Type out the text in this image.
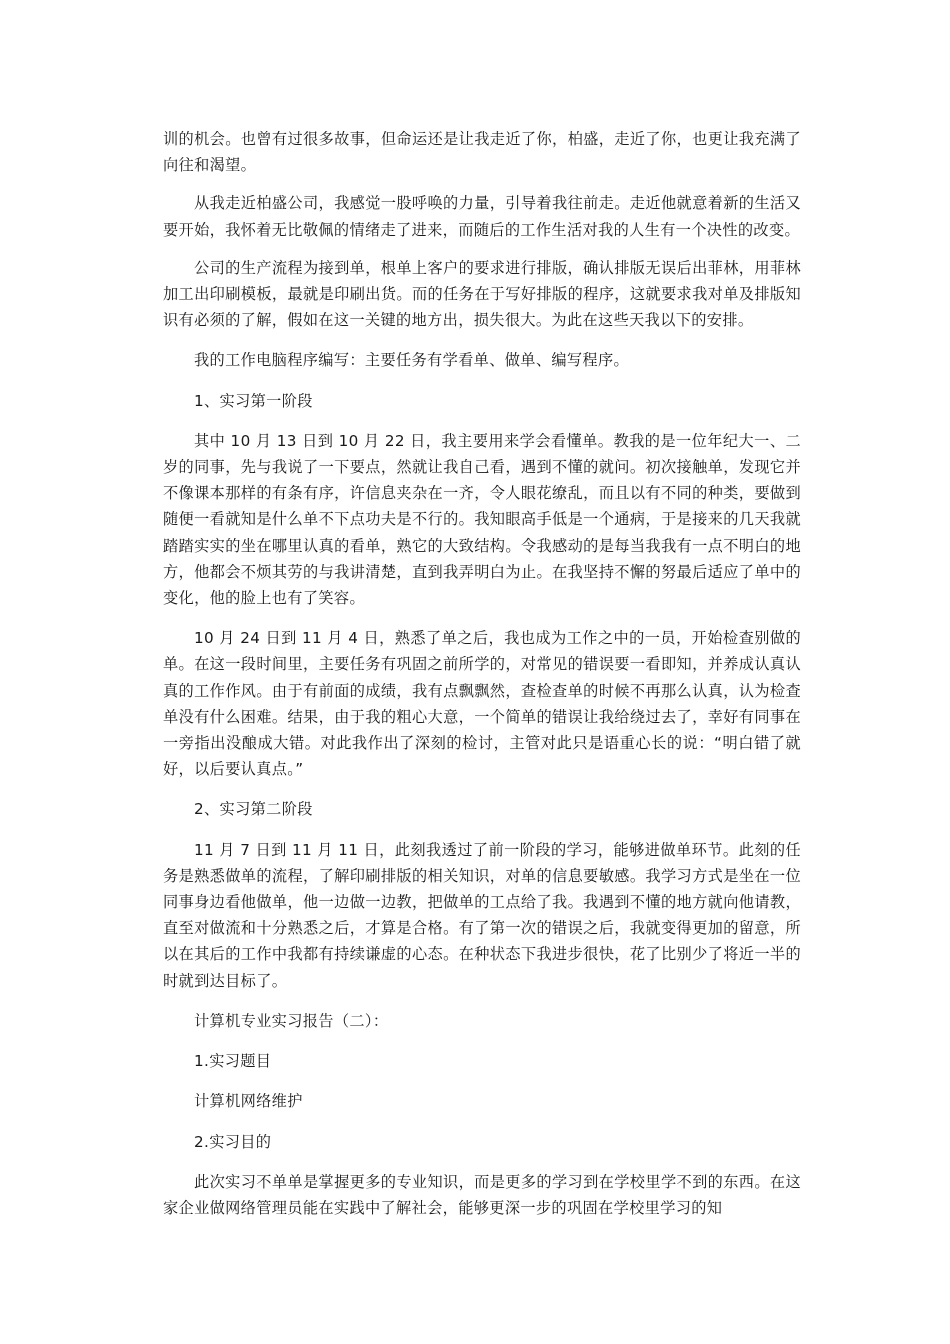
训的机会。也曾有过很多故事，但命运还是让我走近了你，柏盛，走近了你，也更让我充满了向往和渴望。

从我走近柏盛公司，我感觉一股呼唤的力量，引导着我往前走。走近他就意着新的生活又要开始，我怀着无比敬佩的情绪走了进来，而随后的工作生活对我的人生有一个决性的改变。

公司的生产流程为接到单，根单上客户的要求进行排版，确认排版无误后出菲林，用菲林加工出印刷模板，最就是印刷出货。而的任务在于写好排版的程序，这就要求我对单及排版知识有必须的了解，假如在这一关键的地方出，损失很大。为此在这些天我以下的安排。

我的工作电脑程序编写：主要任务有学看单、做单、编写程序。

1、实习第一阶段

其中 10 月 13 日到 10 月 22 日，我主要用来学会看懂单。教我的是一位年纪大一、二岁的同事，先与我说了一下要点，然就让我自己看，遇到不懂的就问。初次接触单，发现它并不像课本那样的有条有序，许信息夹杂在一齐，令人眼花缭乱，而且以有不同的种类，要做到随便一看就知是什么单不下点功夫是不行的。我知眼高手低是一个通病，于是接来的几天我就踏踏实实的坐在哪里认真的看单，熟它的大致结构。令我感动的是每当我我有一点不明白的地方，他都会不烦其劳的与我讲清楚，直到我弄明白为止。在我坚持不懈的努最后适应了单中的变化，他的脸上也有了笑容。

10 月 24 日到 11 月 4 日，熟悉了单之后，我也成为工作之中的一员，开始检查别做的单。在这一段时间里，主要任务有巩固之前所学的，对常见的错误要一看即知，并养成认真认真的工作作风。由于有前面的成绩，我有点飘飘然，查检查单的时候不再那么认真，认为检查单没有什么困难。结果，由于我的粗心大意，一个简单的错误让我给绕过去了，幸好有同事在一旁指出没酿成大错。对此我作出了深刻的检讨，主管对此只是语重心长的说：“明白错了就好，以后要认真点。”

2、实习第二阶段

11 月 7 日到 11 月 11 日，此刻我透过了前一阶段的学习，能够进做单环节。此刻的任务是熟悉做单的流程，了解印刷排版的相关知识，对单的信息要敏感。我学习方式是坐在一位同事身边看他做单，他一边做一边教，把做单的工点给了我。我遇到不懂的地方就向他请教，直至对做流和十分熟悉之后，才算是合格。有了第一次的错误之后，我就变得更加的留意，所以在其后的工作中我都有持续谦虚的心态。在种状态下我进步很快，花了比别少了将近一半的时就到达目标了。

计算机专业实习报告（二）：

1.实习题目

计算机网络维护

2.实习目的

此次实习不单单是掌握更多的专业知识，而是更多的学习到在学校里学不到的东西。在这家企业做网络管理员能在实践中了解社会，能够更深一步的巩固在学校里学习的知
